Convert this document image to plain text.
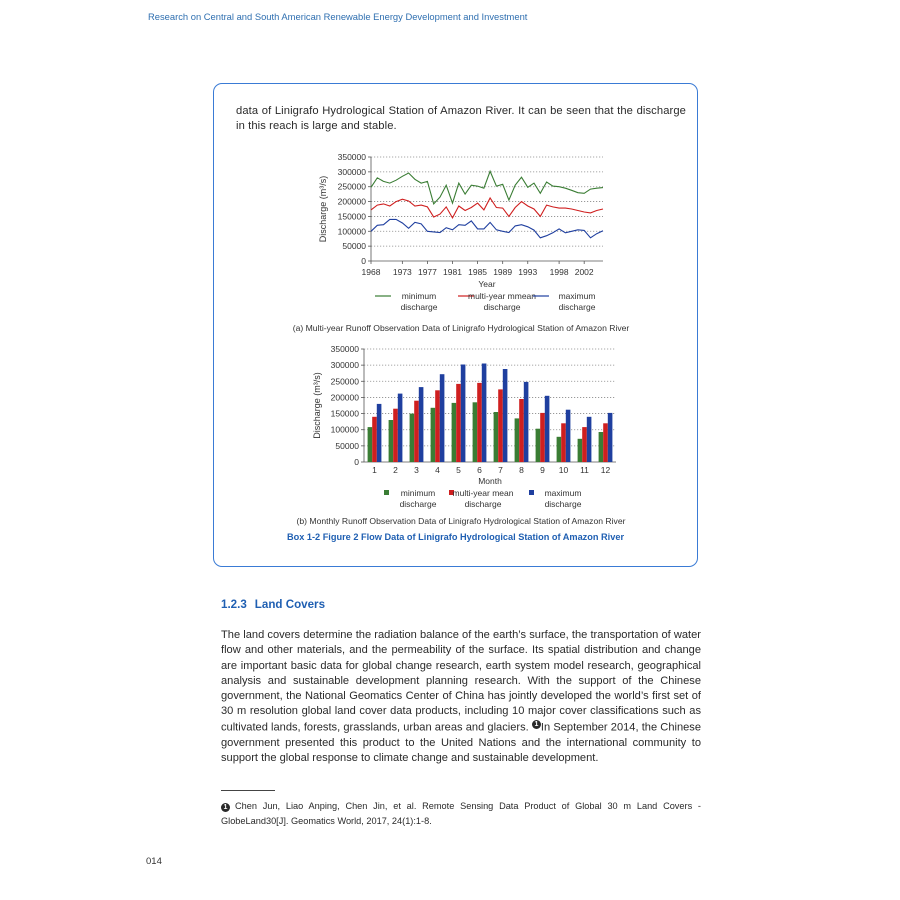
Research on Central and South American Renewable Energy Development and Investment

data of Linigrafo Hydrological Station of Amazon River. It can be seen that the discharge in this reach is large and stable.

0
50000
100000
150000
200000
250000
300000
350000
Discharge (m³/s)
1968 1973 1977 1981 1985 1989 1993 1998 2002
Year
minimum
discharge
multi-year mmean
discharge
maximum
discharge
(a) Multi-year Runoff Observation Data of Linigrafo Hydrological Station of Amazon River
0
50000
100000
150000
200000
250000
300000
350000
Discharge (m³/s)
1 2 3 4 5 6 7 8 9 10 11 12
Month
minimum
discharge
multi-year mean
discharge
maximum
discharge
(b) Monthly Runoff Observation Data of Linigrafo Hydrological Station of Amazon River
Box 1-2 Figure 2 Flow Data of Linigrafo Hydrological Station of Amazon River
1.2.3 Land Covers

The land covers determine the radiation balance of the earth’s surface, the transportation of water flow and other materials, and the permeability of the surface. Its spatial distribution and change are important basic data for global change research, earth system model research, geographical analysis and sustainable development planning research. With the support of the Chinese government, the National Geomatics Center of China has jointly developed the world’s first set of 30 m resolution global land cover data products, including 10 major cover classifications such as cultivated lands, forests, grasslands, urban areas and glaciers. 1 In September 2014, the Chinese government presented this product to the United Nations and the international community to support the global response to climate change and sustainable development.

1 Chen Jun, Liao Anping, Chen Jin, et al. Remote Sensing Data Product of Global 30 m Land Covers - GlobeLand30[J]. Geomatics World, 2017, 24(1):1-8.

014
